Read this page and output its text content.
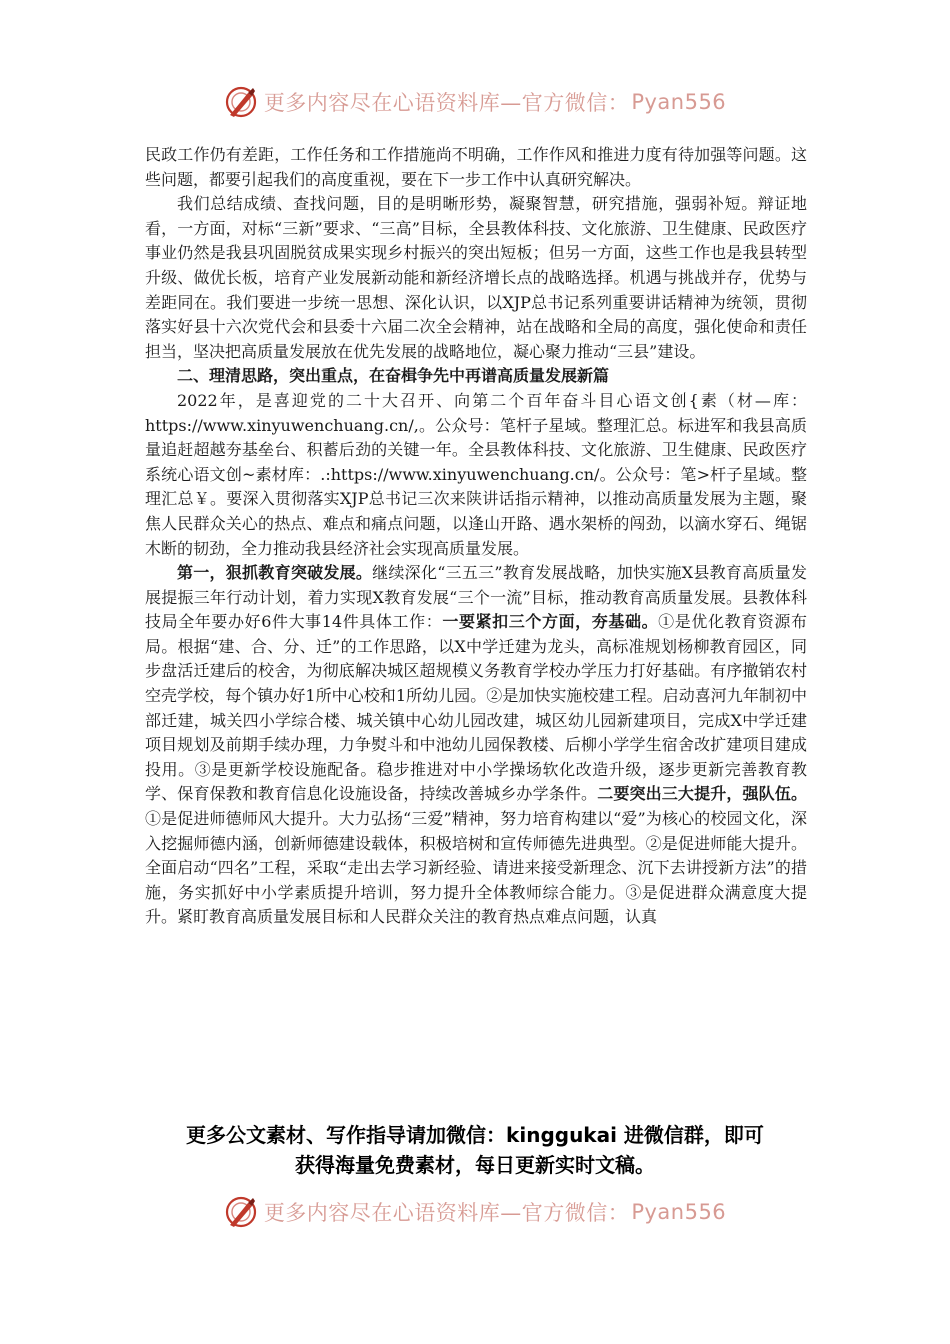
更多内容尽在心语资料库—官方微信： Pyan556

民政工作仍有差距，工作任务和工作措施尚不明确，工作作风和推进力度有待加强等问题。这些问题，都要引起我们的高度重视，要在下一步工作中认真研究解决。

我们总结成绩、查找问题，目的是明晰形势，凝聚智慧，研究措施，强弱补短。辩证地看，一方面，对标“三新”要求、“三高”目标，全县教体科技、文化旅游、卫生健康、民政医疗事业仍然是我县巩固脱贫成果实现乡村振兴的突出短板；但另一方面，这些工作也是我县转型升级、做优长板，培育产业发展新动能和新经济增长点的战略选择。机遇与挑战并存，优势与差距同在。我们要进一步统一思想、深化认识，以XJP总书记系列重要讲话精神为统领，贯彻落实好县十六次党代会和县委十六届二次全会精神，站在战略和全局的高度，强化使命和责任担当，坚决把高质量发展放在优先发展的战略地位，凝心聚力推动“三县”建设。

二、理清思路，突出重点，在奋楫争先中再谱高质量发展新篇

2022年，是喜迎党的二十大召开、向第二个百年奋斗目心语文创{素（材—库：https://www.xinyuwenchuang.cn/,。公众号：笔杆子星域。整理汇总。标进军和我县高质量追赶超越夯基垒台、积蓄后劲的关键一年。全县教体科技、文化旅游、卫生健康、民政医疗系统心语文创~素材库：.:https://www.xinyuwenchuang.cn/。公众号：笔>杆子星域。整理汇总￥。要深入贯彻落实XJP总书记三次来陕讲话指示精神，以推动高质量发展为主题，聚焦人民群众关心的热点、难点和痛点问题，以逢山开路、遇水架桥的闯劲，以滴水穿石、绳锯木断的韧劲，全力推动我县经济社会实现高质量发展。

第一，狠抓教育突破发展。继续深化“三五三”教育发展战略，加快实施X县教育高质量发展提振三年行动计划，着力实现X教育发展“三个一流”目标，推动教育高质量发展。县教体科技局全年要办好6件大事14件具体工作：一要紧扣三个方面，夯基础。①是优化教育资源布局。根据“建、合、分、迁”的工作思路，以X中学迁建为龙头，高标准规划杨柳教育园区，同步盘活迁建后的校舍，为彻底解决城区超规模义务教育学校办学压力打好基础。有序撤销农村空壳学校，每个镇办好1所中心校和1所幼儿园。②是加快实施校建工程。启动喜河九年制初中部迁建，城关四小学综合楼、城关镇中心幼儿园改建，城区幼儿园新建项目，完成X中学迁建项目规划及前期手续办理，力争熨斗和中池幼儿园保教楼、后柳小学学生宿舍改扩建项目建成投用。③是更新学校设施配备。稳步推进对中小学操场软化改造升级，逐步更新完善教育教学、保育保教和教育信息化设施设备，持续改善城乡办学条件。二要突出三大提升，强队伍。①是促进师德师风大提升。大力弘扬“三爱”精神，努力培育构建以“爱”为核心的校园文化，深入挖掘师德内涵，创新师德建设载体，积极培树和宣传师德先进典型。②是促进师能大提升。全面启动“四名”工程，采取“走出去学习新经验、请进来接受新理念、沉下去讲授新方法”的措施，务实抓好中小学素质提升培训，努力提升全体教师综合能力。③是促进群众满意度大提升。紧盯教育高质量发展目标和人民群众关注的教育热点难点问题，认真

更多公文素材、写作指导请加微信：kinggukai 进微信群，即可
获得海量免费素材，每日更新实时文稿。
更多内容尽在心语资料库—官方微信： Pyan556
